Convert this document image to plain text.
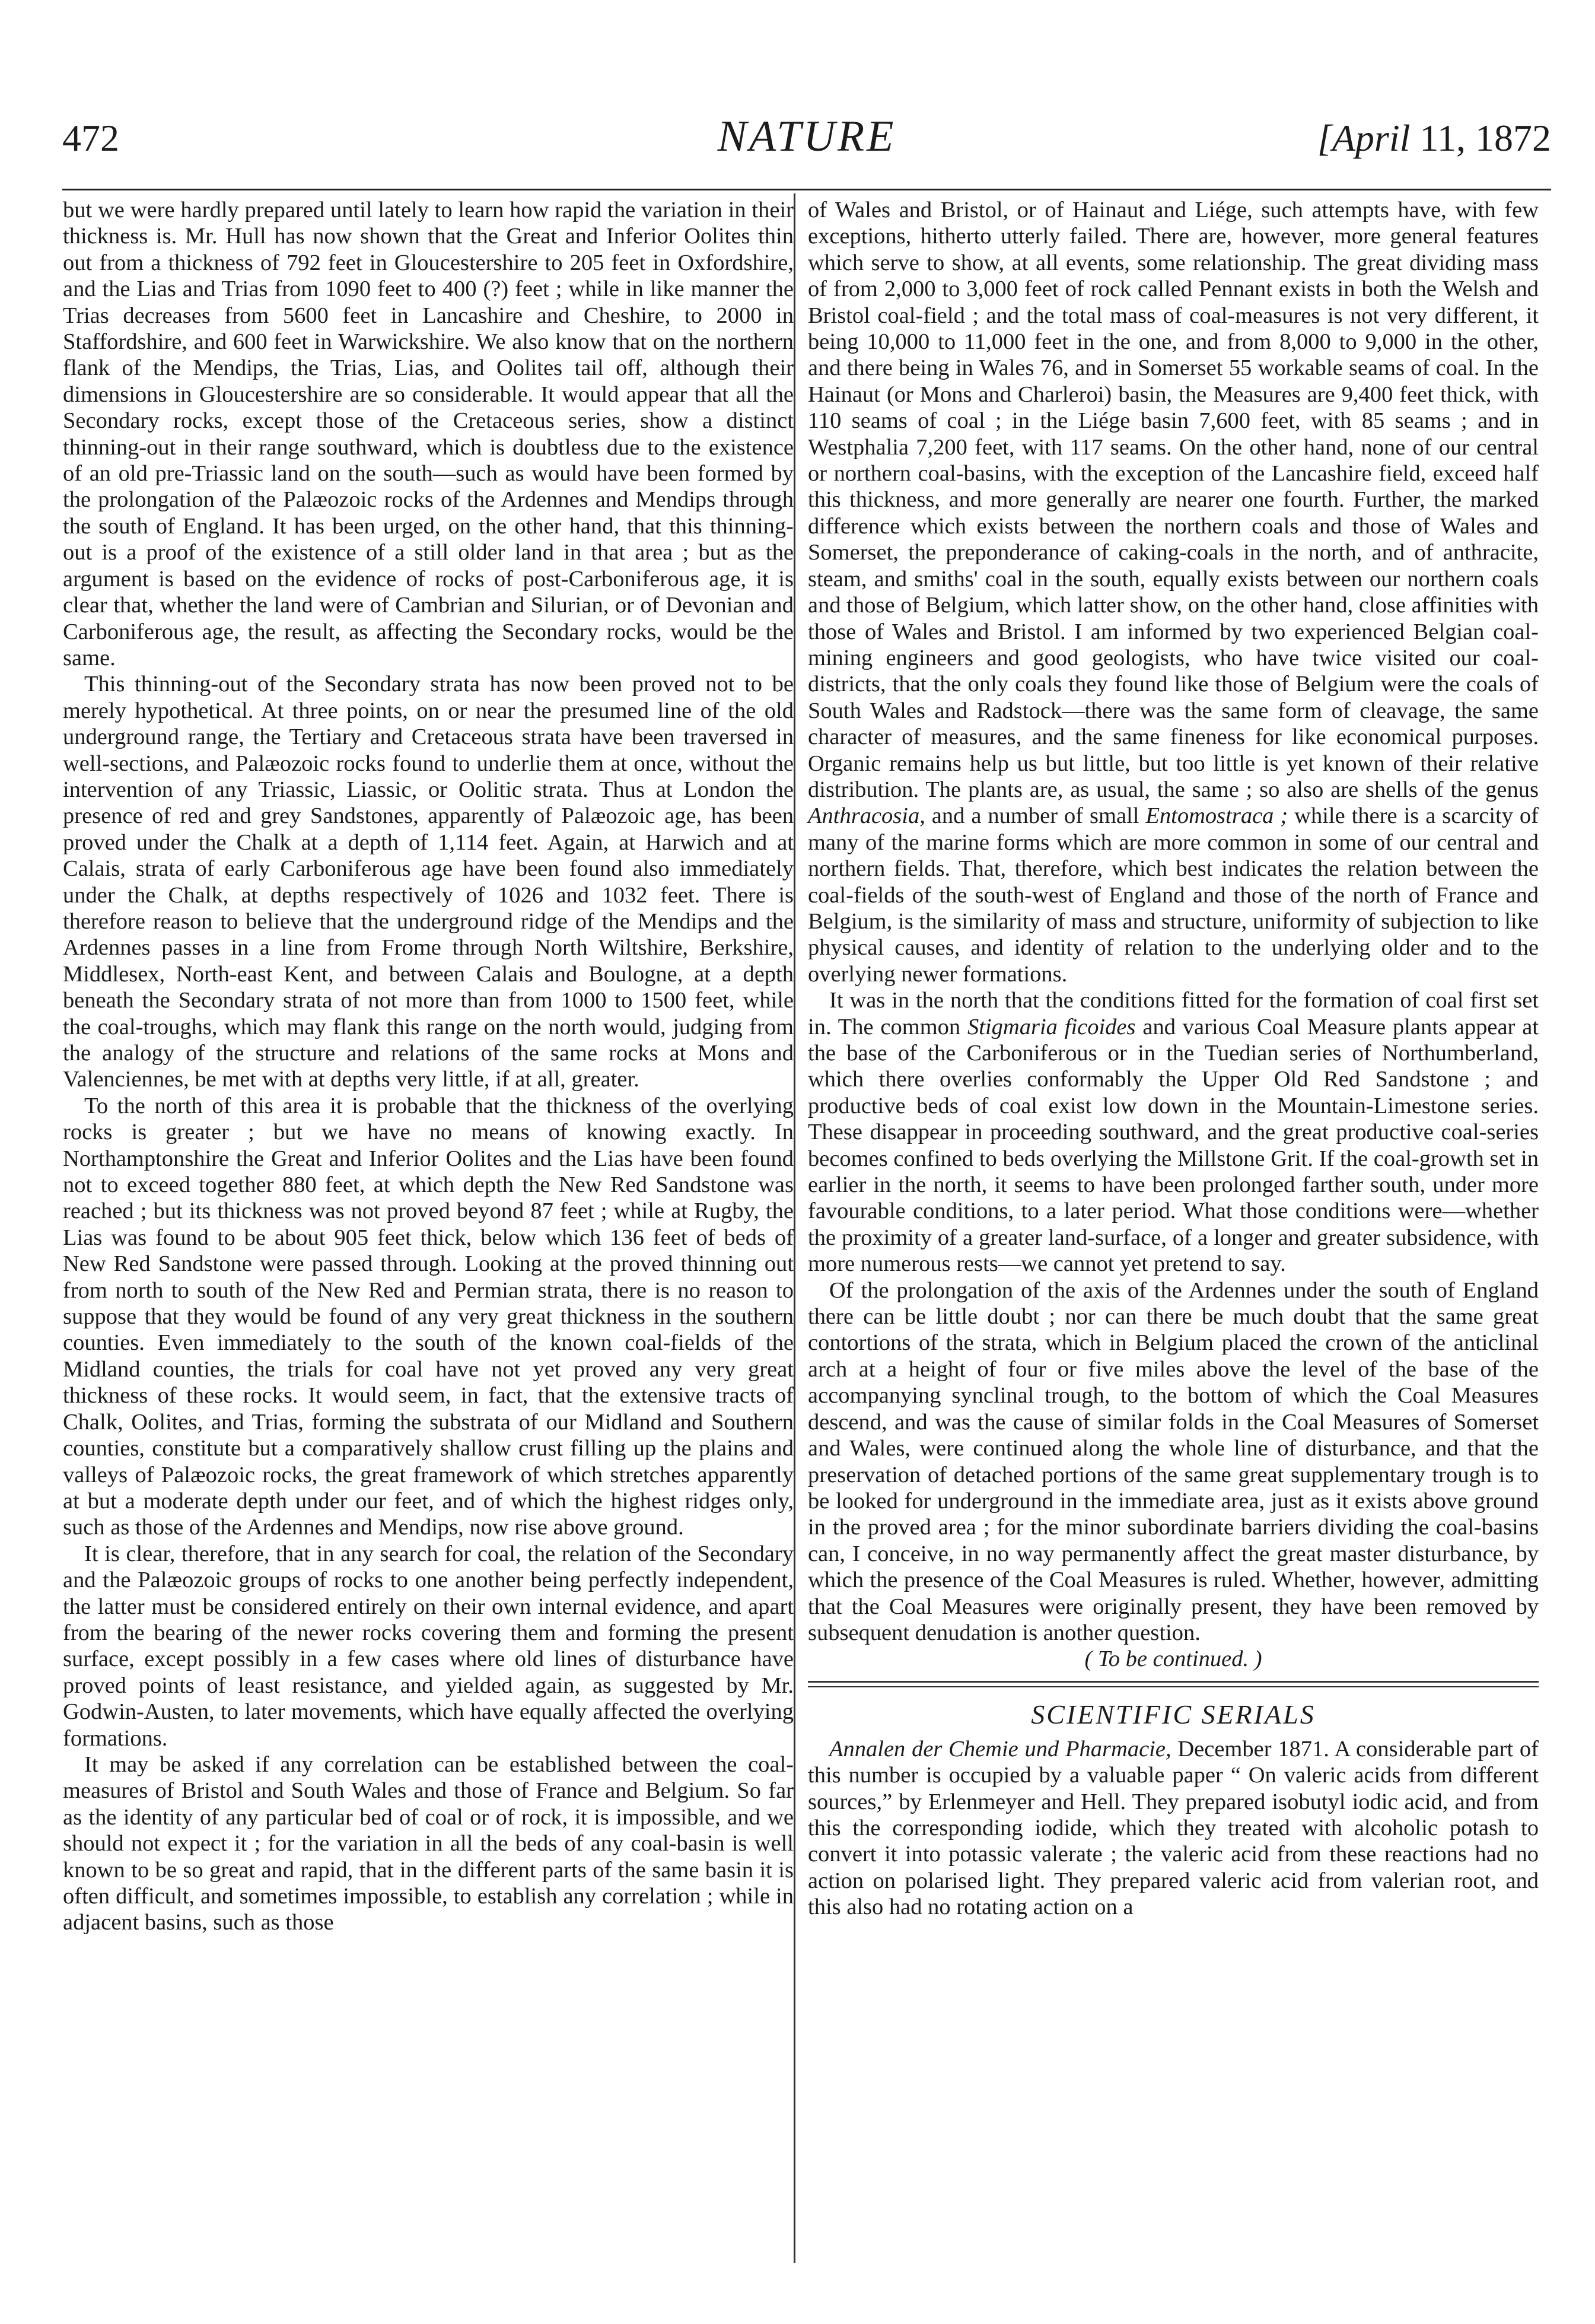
472	NATURE	[April 11, 1872

but we were hardly prepared until lately to learn how rapid the variation in their thickness is. Mr. Hull has now shown that the Great and Inferior Oolites thin out from a thickness of 792 feet in Gloucestershire to 205 feet in Oxfordshire, and the Lias and Trias from 1090 feet to 400 (?) feet ; while in like manner the Trias decreases from 5600 feet in Lancashire and Cheshire, to 2000 in Staffordshire, and 600 feet in Warwickshire. We also know that on the northern flank of the Mendips, the Trias, Lias, and Oolites tail off, although their dimensions in Gloucestershire are so considerable. It would appear that all the Secondary rocks, except those of the Cretaceous series, show a distinct thinning-out in their range southward, which is doubtless due to the existence of an old pre-Triassic land on the south—such as would have been formed by the prolongation of the Palæozoic rocks of the Ardennes and Mendips through the south of England. It has been urged, on the other hand, that this thinning-out is a proof of the existence of a still older land in that area ; but as the argument is based on the evidence of rocks of post-Carboniferous age, it is clear that, whether the land were of Cambrian and Silurian, or of Devonian and Carboniferous age, the result, as affecting the Secondary rocks, would be the same.

This thinning-out of the Secondary strata has now been proved not to be merely hypothetical. At three points, on or near the presumed line of the old underground range, the Tertiary and Cretaceous strata have been traversed in well-sections, and Palæozoic rocks found to underlie them at once, without the intervention of any Triassic, Liassic, or Oolitic strata. Thus at London the presence of red and grey Sandstones, apparently of Palæozoic age, has been proved under the Chalk at a depth of 1,114 feet. Again, at Harwich and at Calais, strata of early Carboniferous age have been found also immediately under the Chalk, at depths respectively of 1026 and 1032 feet. There is therefore reason to believe that the underground ridge of the Mendips and the Ardennes passes in a line from Frome through North Wiltshire, Berkshire, Middlesex, North-east Kent, and between Calais and Boulogne, at a depth beneath the Secondary strata of not more than from 1000 to 1500 feet, while the coal-troughs, which may flank this range on the north would, judging from the analogy of the structure and relations of the same rocks at Mons and Valenciennes, be met with at depths very little, if at all, greater.

To the north of this area it is probable that the thickness of the overlying rocks is greater ; but we have no means of knowing exactly. In Northamptonshire the Great and Inferior Oolites and the Lias have been found not to exceed together 880 feet, at which depth the New Red Sandstone was reached ; but its thickness was not proved beyond 87 feet ; while at Rugby, the Lias was found to be about 905 feet thick, below which 136 feet of beds of New Red Sandstone were passed through. Looking at the proved thinning out from north to south of the New Red and Permian strata, there is no reason to suppose that they would be found of any very great thickness in the southern counties. Even immediately to the south of the known coal-fields of the Midland counties, the trials for coal have not yet proved any very great thickness of these rocks. It would seem, in fact, that the extensive tracts of Chalk, Oolites, and Trias, forming the substrata of our Midland and Southern counties, constitute but a comparatively shallow crust filling up the plains and valleys of Palæozoic rocks, the great framework of which stretches apparently at but a moderate depth under our feet, and of which the highest ridges only, such as those of the Ardennes and Mendips, now rise above ground.

It is clear, therefore, that in any search for coal, the relation of the Secondary and the Palæozoic groups of rocks to one another being perfectly independent, the latter must be considered entirely on their own internal evidence, and apart from the bearing of the newer rocks covering them and forming the present surface, except possibly in a few cases where old lines of disturbance have proved points of least resistance, and yielded again, as suggested by Mr. Godwin-Austen, to later movements, which have equally affected the overlying formations.

It may be asked if any correlation can be established between the coal-measures of Bristol and South Wales and those of France and Belgium. So far as the identity of any particular bed of coal or of rock, it is impossible, and we should not expect it ; for the variation in all the beds of any coal-basin is well known to be so great and rapid, that in the different parts of the same basin it is often difficult, and sometimes impossible, to establish any correlation ; while in adjacent basins, such as those

of Wales and Bristol, or of Hainaut and Liége, such attempts have, with few exceptions, hitherto utterly failed. There are, however, more general features which serve to show, at all events, some relationship. The great dividing mass of from 2,000 to 3,000 feet of rock called Pennant exists in both the Welsh and Bristol coal-field ; and the total mass of coal-measures is not very different, it being 10,000 to 11,000 feet in the one, and from 8,000 to 9,000 in the other, and there being in Wales 76, and in Somerset 55 workable seams of coal. In the Hainaut (or Mons and Charleroi) basin, the Measures are 9,400 feet thick, with 110 seams of coal ; in the Liége basin 7,600 feet, with 85 seams ; and in Westphalia 7,200 feet, with 117 seams. On the other hand, none of our central or northern coal-basins, with the exception of the Lancashire field, exceed half this thickness, and more generally are nearer one fourth. Further, the marked difference which exists between the northern coals and those of Wales and Somerset, the preponderance of caking-coals in the north, and of anthracite, steam, and smiths' coal in the south, equally exists between our northern coals and those of Belgium, which latter show, on the other hand, close affinities with those of Wales and Bristol. I am informed by two experienced Belgian coal-mining engineers and good geologists, who have twice visited our coal-districts, that the only coals they found like those of Belgium were the coals of South Wales and Radstock—there was the same form of cleavage, the same character of measures, and the same fineness for like economical purposes. Organic remains help us but little, but too little is yet known of their relative distribution. The plants are, as usual, the same ; so also are shells of the genus Anthracosia, and a number of small Entomostraca ; while there is a scarcity of many of the marine forms which are more common in some of our central and northern fields. That, therefore, which best indicates the relation between the coal-fields of the south-west of England and those of the north of France and Belgium, is the similarity of mass and structure, uniformity of subjection to like physical causes, and identity of relation to the underlying older and to the overlying newer formations.

It was in the north that the conditions fitted for the formation of coal first set in. The common Stigmaria ficoides and various Coal Measure plants appear at the base of the Carboniferous or in the Tuedian series of Northumberland, which there overlies conformably the Upper Old Red Sandstone ; and productive beds of coal exist low down in the Mountain-Limestone series. These disappear in proceeding southward, and the great productive coal-series becomes confined to beds overlying the Millstone Grit. If the coal-growth set in earlier in the north, it seems to have been prolonged farther south, under more favourable conditions, to a later period. What those conditions were—whether the proximity of a greater land-surface, of a longer and greater subsidence, with more numerous rests—we cannot yet pretend to say.

Of the prolongation of the axis of the Ardennes under the south of England there can be little doubt ; nor can there be much doubt that the same great contortions of the strata, which in Belgium placed the crown of the anticlinal arch at a height of four or five miles above the level of the base of the accompanying synclinal trough, to the bottom of which the Coal Measures descend, and was the cause of similar folds in the Coal Measures of Somerset and Wales, were continued along the whole line of disturbance, and that the preservation of detached portions of the same great supplementary trough is to be looked for underground in the immediate area, just as it exists above ground in the proved area ; for the minor subordinate barriers dividing the coal-basins can, I conceive, in no way permanently affect the great master disturbance, by which the presence of the Coal Measures is ruled. Whether, however, admitting that the Coal Measures were originally present, they have been removed by subsequent denudation is another question.

( To be continued. )

SCIENTIFIC SERIALS

Annalen der Chemie und Pharmacie, December 1871. A considerable part of this number is occupied by a valuable paper “ On valeric acids from different sources,” by Erlenmeyer and Hell. They prepared isobutyl iodic acid, and from this the corresponding iodide, which they treated with alcoholic potash to convert it into potassic valerate ; the valeric acid from these reactions had no action on polarised light. They prepared valeric acid from valerian root, and this also had no rotating action on a
